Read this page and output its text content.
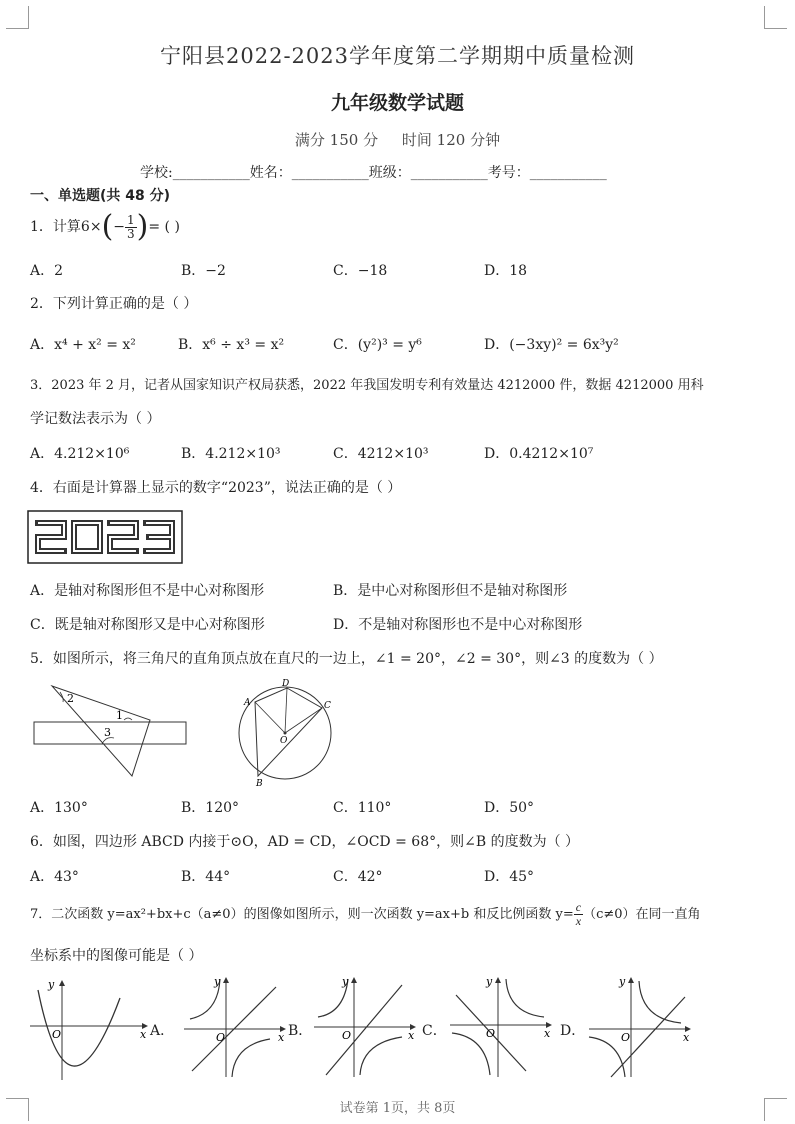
宁阳县2022-2023学年度第二学期期中质量检测
九年级数学试题
满分 150 分     时间 120 分钟
学校:___________姓名：___________班级：___________考号：___________
一、单选题(共 48 分)
1．计算$6\times(- \frac{1}{3}$ )= ( )
A．2	B．−2	C．−18	D．18
2．下列计算正确的是（ ）
A．x⁴ + x² = x²	B．x⁶ ÷ x³ = x²	C．(y²)³ = y⁶	D．(−3xy)² = 6x³y²
3．2023 年 2 月，记者从国家知识产权局获悉，2022 年我国发明专利有效量达 4212000 件，数据 4212000 用科
学记数法表示为（ ）
A．4.212×10⁶	B．4.212×10³	C．4212×10³	D．0.4212×10⁷
4．右面是计算器上显示的数字“2023”，说法正确的是（ ）
A．是轴对称图形但不是中心对称图形	B．是中心对称图形但不是轴对称图形
C．既是轴对称图形又是中心对称图形	D．不是轴对称图形也不是中心对称图形
5．如图所示，将三角尺的直角顶点放在直尺的一边上，∠1 = 20°，∠2 = 30°，则∠3 的度数为（ ）
2
1
3
D
A	C
O
B
A．130°	B．120°	C．110°	D．50°
6．如图，四边形 ABCD 内接于⊙O，AD = CD，∠OCD = 68°，则∠B 的度数为（ ）
A．43°	B．44°	C．42°	D．45°
7．二次函数 y=ax²+bx+c（a≠0）的图像如图所示，则一次函数 y=ax+b 和反比例函数 $y= \frac{c}{x} (c\ne 0)$在同一直角
坐标系中的图像可能是（ ）
y
O	x A．
y
O	x B．
y
O	x C．
y
O	x D．
y
O	x
试卷第 1页，共 8页
